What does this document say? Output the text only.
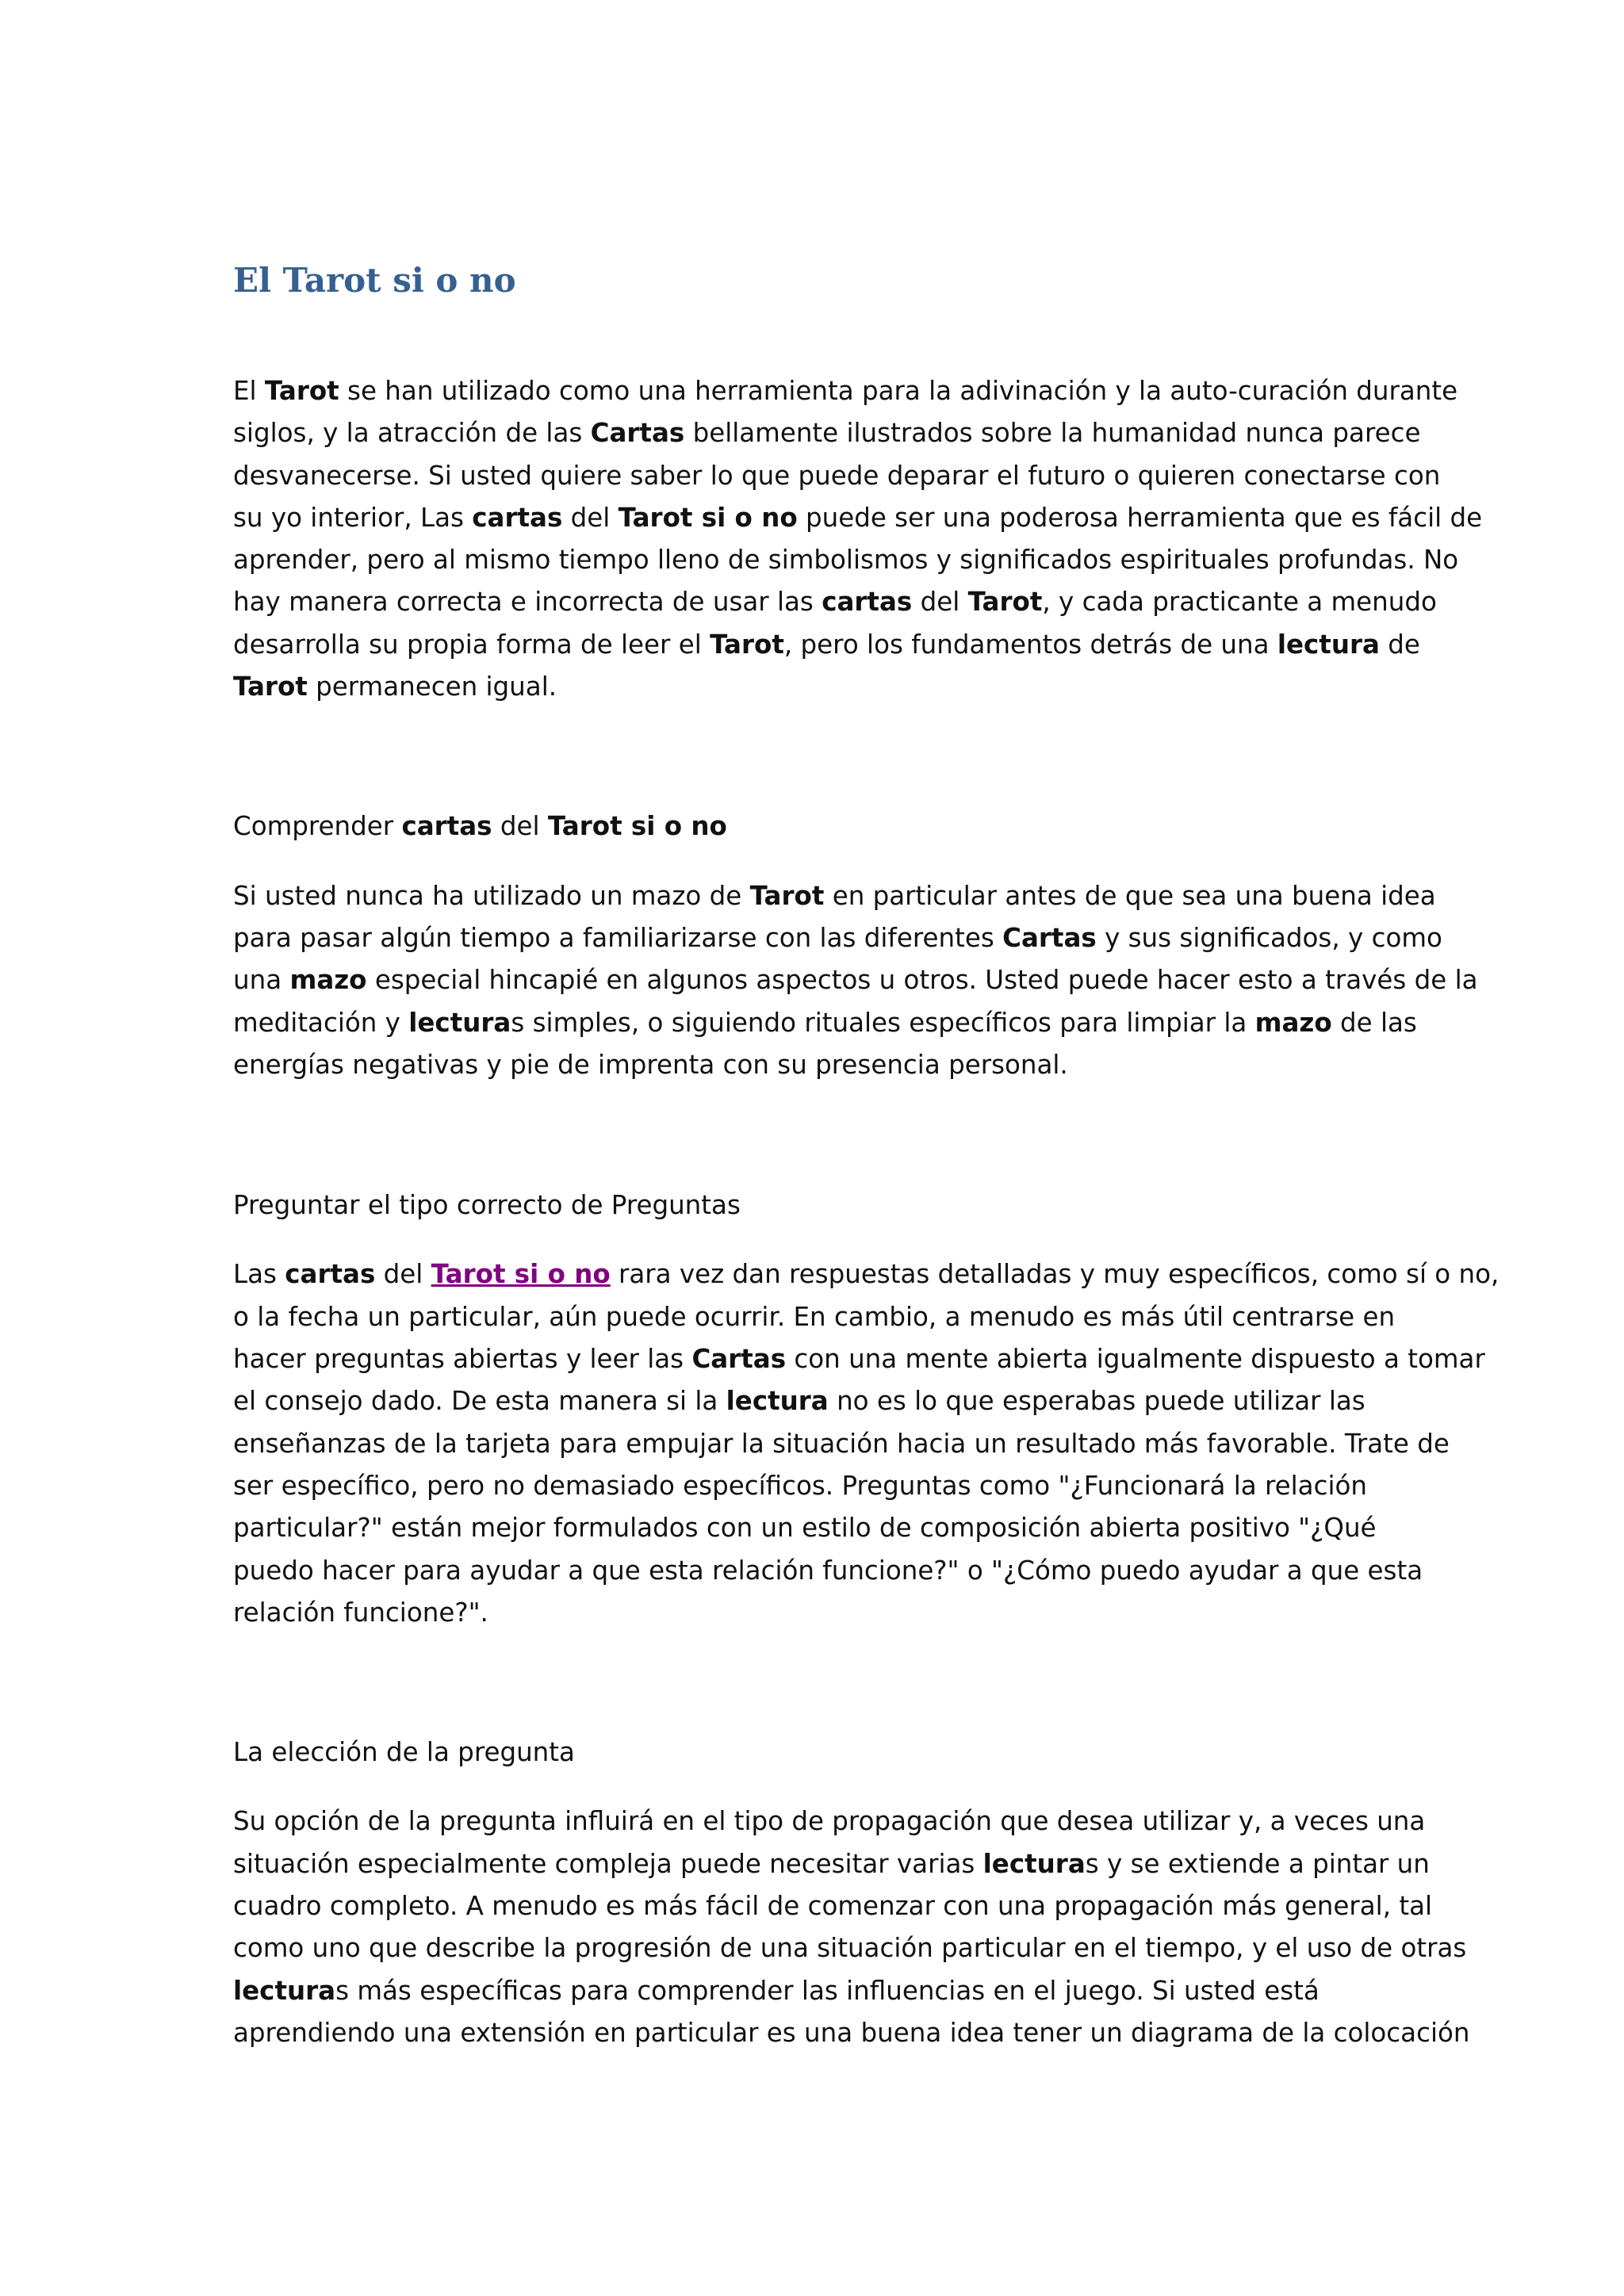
El Tarot si o no

El Tarot se han utilizado como una herramienta para la adivinación y la auto-curación durante
siglos, y la atracción de las Cartas bellamente ilustrados sobre la humanidad nunca parece
desvanecerse. Si usted quiere saber lo que puede deparar el futuro o quieren conectarse con
su yo interior, Las cartas del Tarot si o no puede ser una poderosa herramienta que es fácil de
aprender, pero al mismo tiempo lleno de simbolismos y significados espirituales profundas. No
hay manera correcta e incorrecta de usar las cartas del Tarot, y cada practicante a menudo
desarrolla su propia forma de leer el Tarot, pero los fundamentos detrás de una lectura de
Tarot permanecen igual.

Comprender cartas del Tarot si o no

Si usted nunca ha utilizado un mazo de Tarot en particular antes de que sea una buena idea
para pasar algún tiempo a familiarizarse con las diferentes Cartas y sus significados, y como
una mazo especial hincapié en algunos aspectos u otros. Usted puede hacer esto a través de la
meditación y lecturas simples, o siguiendo rituales específicos para limpiar la mazo de las
energías negativas y pie de imprenta con su presencia personal.

Preguntar el tipo correcto de Preguntas

Las cartas del Tarot si o no rara vez dan respuestas detalladas y muy específicos, como sí o no,
o la fecha un particular, aún puede ocurrir. En cambio, a menudo es más útil centrarse en
hacer preguntas abiertas y leer las Cartas con una mente abierta igualmente dispuesto a tomar
el consejo dado. De esta manera si la lectura no es lo que esperabas puede utilizar las
enseñanzas de la tarjeta para empujar la situación hacia un resultado más favorable. Trate de
ser específico, pero no demasiado específicos. Preguntas como "¿Funcionará la relación
particular?" están mejor formulados con un estilo de composición abierta positivo "¿Qué
puedo hacer para ayudar a que esta relación funcione?" o "¿Cómo puedo ayudar a que esta
relación funcione?".

La elección de la pregunta

Su opción de la pregunta influirá en el tipo de propagación que desea utilizar y, a veces una
situación especialmente compleja puede necesitar varias lecturas y se extiende a pintar un
cuadro completo. A menudo es más fácil de comenzar con una propagación más general, tal
como uno que describe la progresión de una situación particular en el tiempo, y el uso de otras
lecturas más específicas para comprender las influencias en el juego. Si usted está
aprendiendo una extensión en particular es una buena idea tener un diagrama de la colocación
